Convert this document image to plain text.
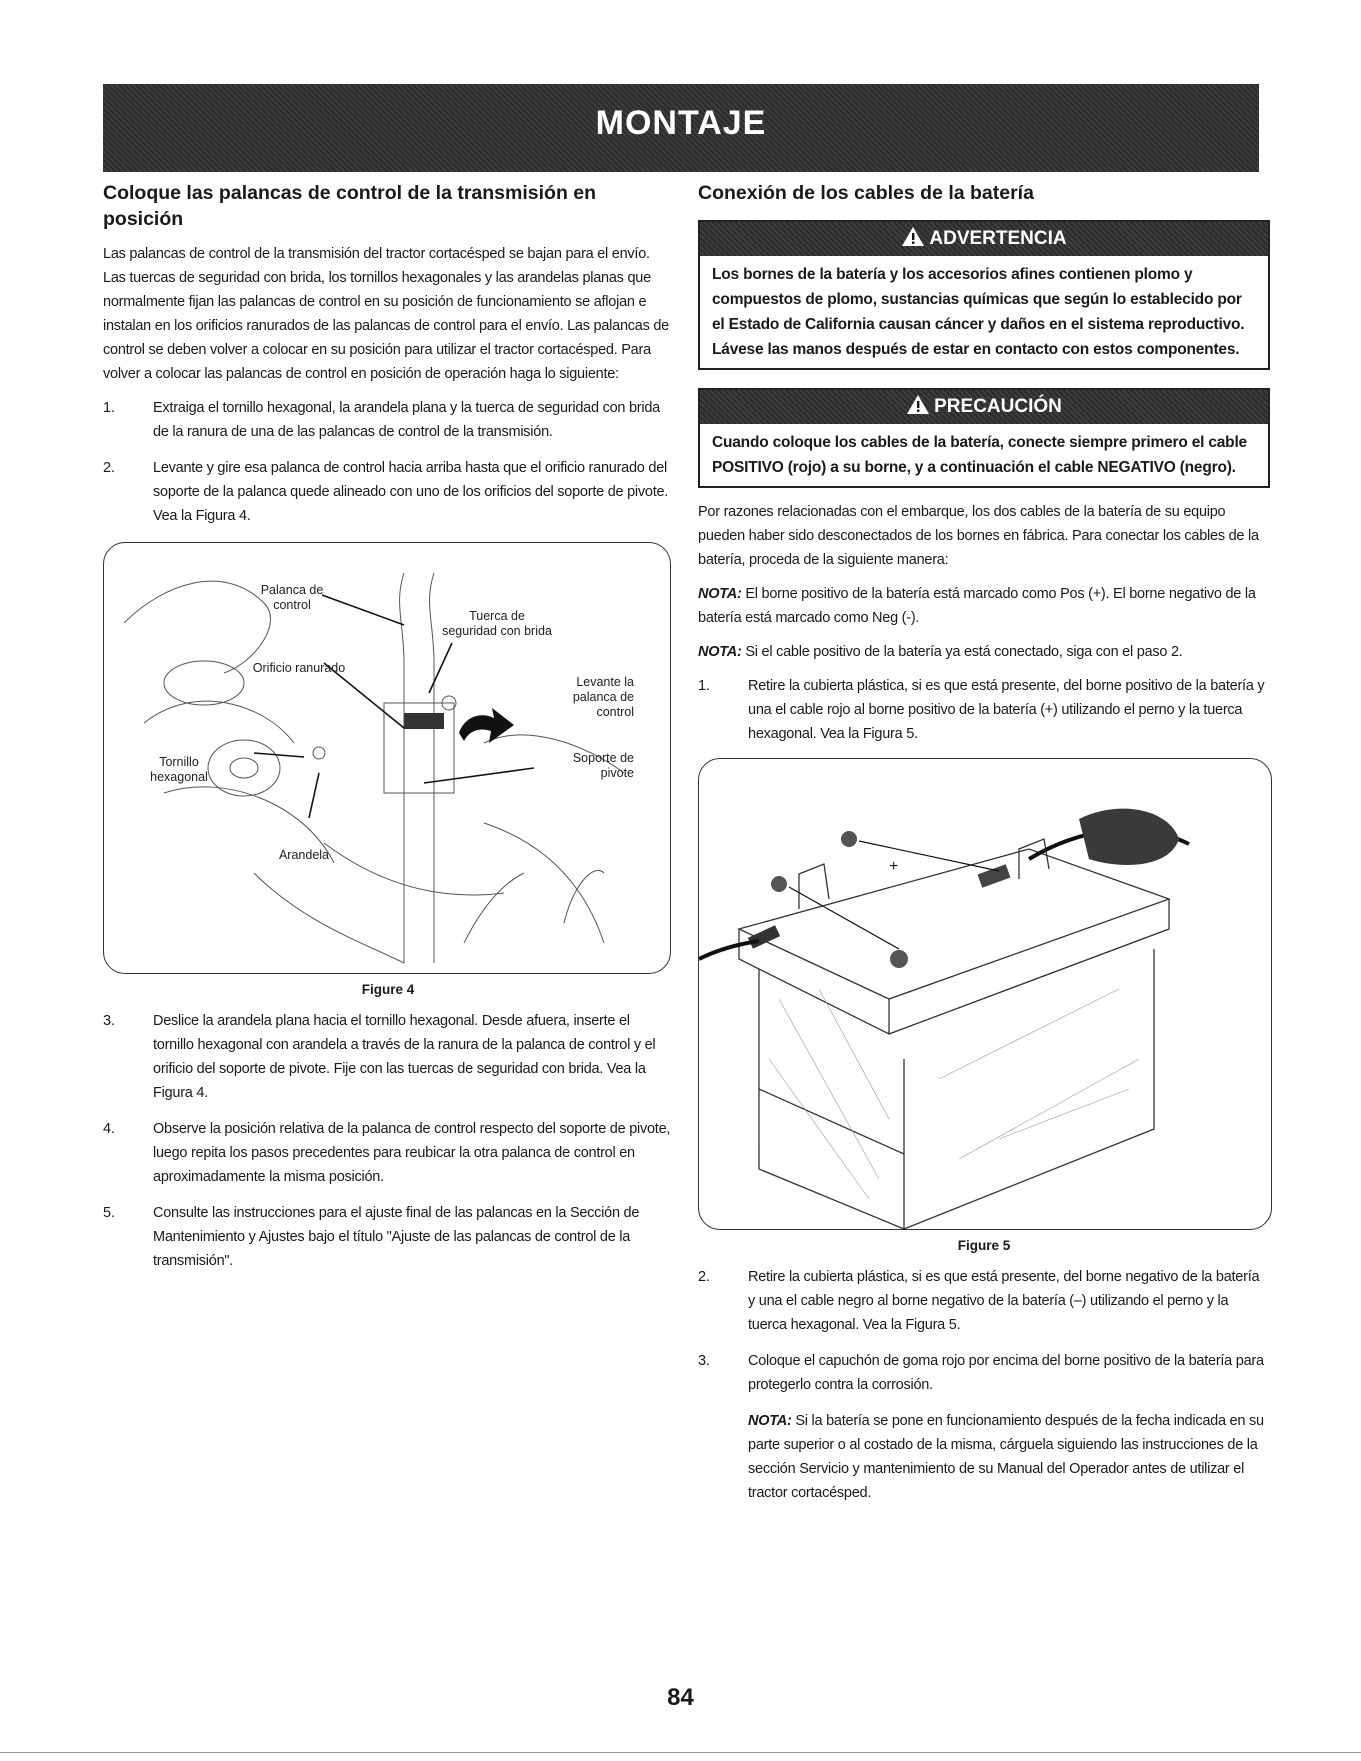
MONTAJE
Coloque las palancas de control de la transmisión en posición

Las palancas de control de la transmisión del tractor cortacésped se bajan para el envío. Las tuercas de seguridad con brida, los tornillos hexagonales y las arandelas planas que normalmente fijan las palancas de control en su posición de funcionamiento se aflojan e instalan en los orificios ranurados de las palancas de control para el envío. Las palancas de control se deben volver a colocar en su posición para utilizar el tractor cortacésped. Para volver a colocar las palancas de control en posición de operación haga lo siguiente:

1.	Extraiga el tornillo hexagonal, la arandela plana y la tuerca de seguridad con brida de la ranura de una de las palancas de control de la transmisión.
2.	Levante y gire esa palanca de control hacia arriba hasta que el orificio ranurado del soporte de la palanca quede alineado con uno de los orificios del soporte de pivote. Vea la Figura 4.
Palanca de control
Tuerca de seguridad con brida
Orificio ranurado
Levante la palanca de control
Tornillo hexagonal
Soporte de pivote
Arandela
Figure 4
3.	Deslice la arandela plana hacia el tornillo hexagonal. Desde afuera, inserte el tornillo hexagonal con arandela a través de la ranura de la palanca de control y el orificio del soporte de pivote. Fije con las tuercas de seguridad con brida. Vea la Figura 4.
4.	Observe la posición relativa de la palanca de control respecto del soporte de pivote, luego repita los pasos precedentes para reubicar la otra palanca de control en aproximadamente la misma posición.
5.	Consulte las instrucciones para el ajuste final de las palancas en la Sección de Mantenimiento y Ajustes bajo el título "Ajuste de las palancas de control de la transmisión".
Conexión de los cables de la batería
ADVERTENCIA
Los bornes de la batería y los accesorios afines contienen plomo y compuestos de plomo, sustancias químicas que según lo establecido por el Estado de California causan cáncer y daños en el sistema reproductivo. Lávese las manos después de estar en contacto con estos componentes.
PRECAUCIÓN
Cuando coloque los cables de la batería, conecte siempre primero el cable POSITIVO (rojo) a su borne, y a continuación el cable NEGATIVO (negro).

Por razones relacionadas con el embarque, los dos cables de la batería de su equipo pueden haber sido desconectados de los bornes en fábrica. Para conectar los cables de la batería, proceda de la siguiente manera:

NOTA: El borne positivo de la batería está marcado como Pos (+). El borne negativo de la batería está marcado como Neg (-).

NOTA: Si el cable positivo de la batería ya está conectado, siga con el paso 2.

1.	Retire la cubierta plástica, si es que está presente, del borne positivo de la batería y una el cable rojo al borne positivo de la batería (+) utilizando el perno y la tuerca hexagonal. Vea la Figura 5.
+
Figure 5
2.	Retire la cubierta plástica, si es que está presente, del borne negativo de la batería y una el cable negro al borne negativo de la batería (–) utilizando el perno y la tuerca hexagonal. Vea la Figura 5.
3.	Coloque el capuchón de goma rojo por encima del borne positivo de la batería para protegerlo contra la corrosión.

NOTA: Si la batería se pone en funcionamiento después de la fecha indicada en su parte superior o al costado de la misma, cárguela siguiendo las instrucciones de la sección Servicio y mantenimiento de su Manual del Operador antes de utilizar el tractor cortacésped.

84
